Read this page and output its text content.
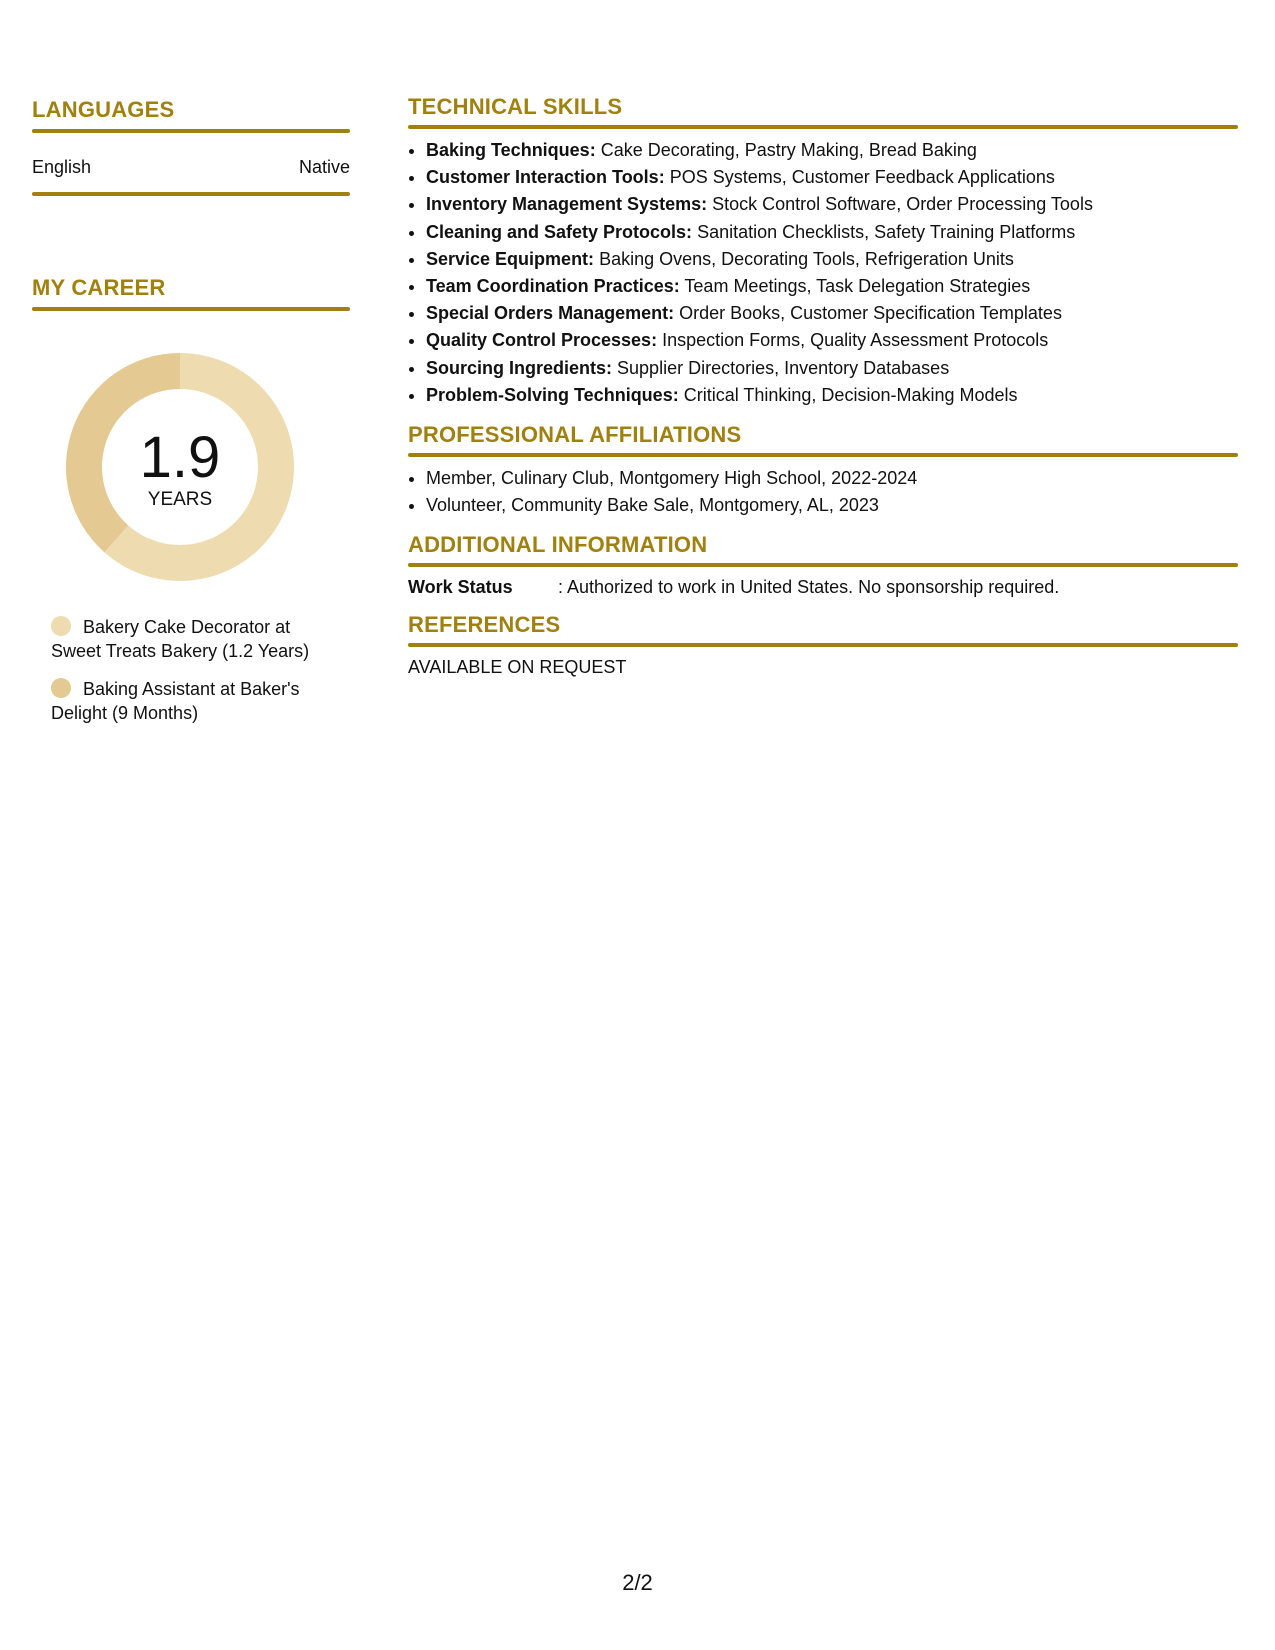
LANGUAGES
English	Native
MY CAREER
1.9
YEARS
Bakery Cake Decorator at Sweet Treats Bakery (1.2 Years)
Baking Assistant at Baker's Delight (9 Months)
TECHNICAL SKILLS
• Baking Techniques: Cake Decorating, Pastry Making, Bread Baking
• Customer Interaction Tools: POS Systems, Customer Feedback Applications
• Inventory Management Systems: Stock Control Software, Order Processing Tools
• Cleaning and Safety Protocols: Sanitation Checklists, Safety Training Platforms
• Service Equipment: Baking Ovens, Decorating Tools, Refrigeration Units
• Team Coordination Practices: Team Meetings, Task Delegation Strategies
• Special Orders Management: Order Books, Customer Specification Templates
• Quality Control Processes: Inspection Forms, Quality Assessment Protocols
• Sourcing Ingredients: Supplier Directories, Inventory Databases
• Problem-Solving Techniques: Critical Thinking, Decision-Making Models
PROFESSIONAL AFFILIATIONS
• Member, Culinary Club, Montgomery High School, 2022-2024
• Volunteer, Community Bake Sale, Montgomery, AL, 2023
ADDITIONAL INFORMATION
Work Status	: Authorized to work in United States. No sponsorship required.
REFERENCES
AVAILABLE ON REQUEST
2/2
